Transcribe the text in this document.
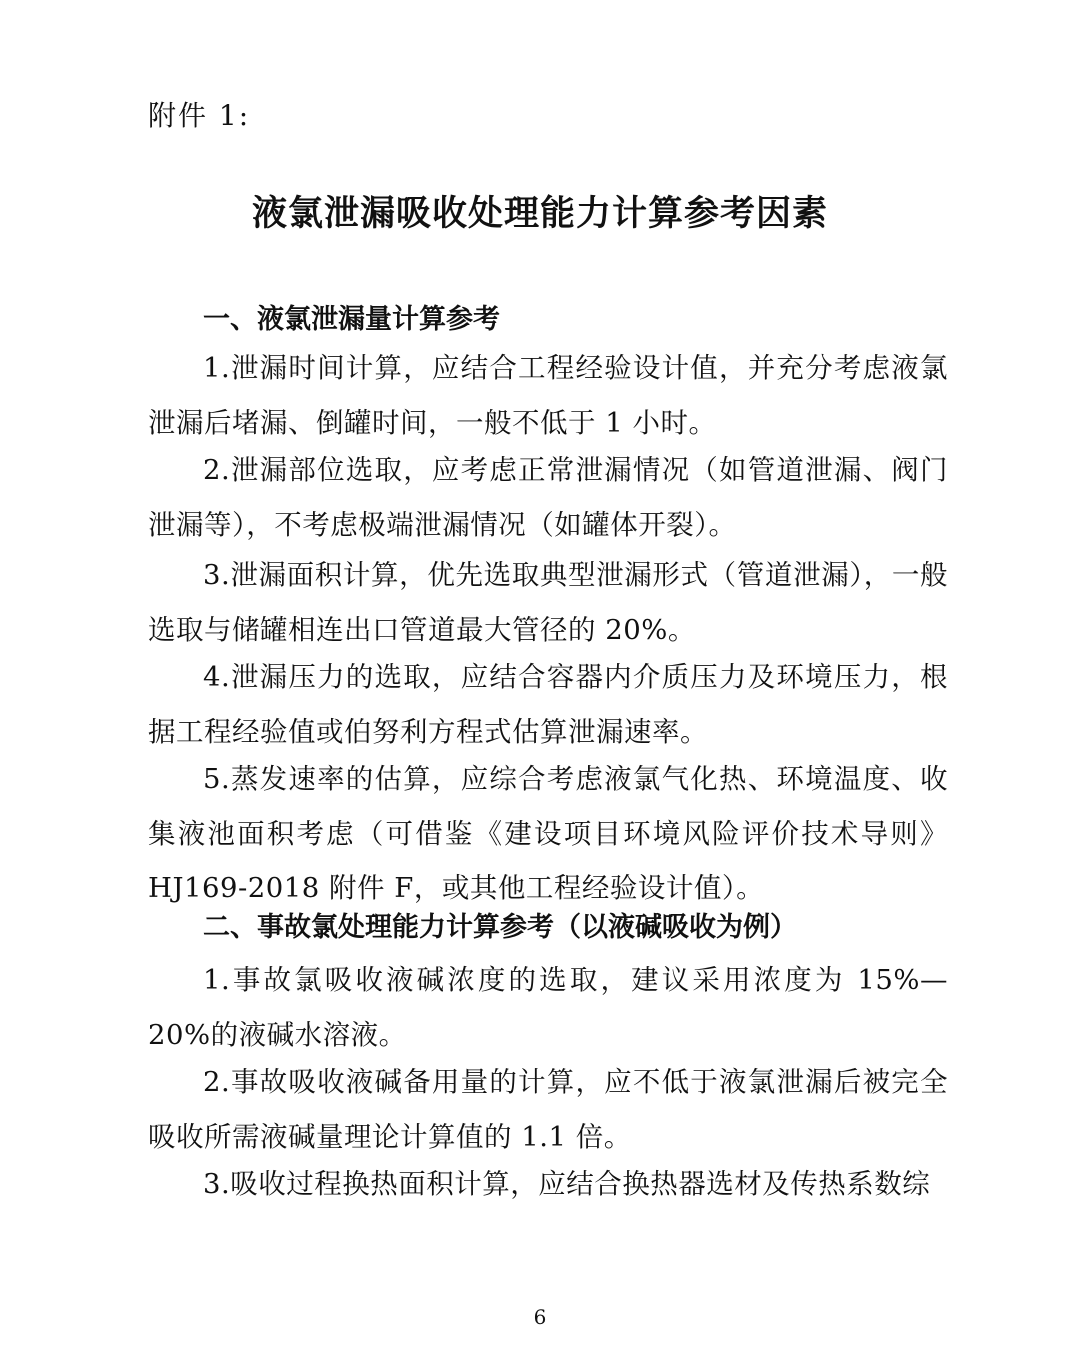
附件 1:
液氯泄漏吸收处理能力计算参考因素
一、液氯泄漏量计算参考

1.泄漏时间计算，应结合工程经验设计值，并充分考虑液氯泄漏后堵漏、倒罐时间，一般不低于 1 小时。

2.泄漏部位选取，应考虑正常泄漏情况（如管道泄漏、阀门泄漏等），不考虑极端泄漏情况（如罐体开裂）。

3.泄漏面积计算，优先选取典型泄漏形式（管道泄漏），一般选取与储罐相连出口管道最大管径的 20%。

4.泄漏压力的选取，应结合容器内介质压力及环境压力，根据工程经验值或伯努利方程式估算泄漏速率。

5.蒸发速率的估算，应综合考虑液氯气化热、环境温度、收集液池面积考虑（可借鉴《建设项目环境风险评价技术导则》HJ169-2018 附件 F，或其他工程经验设计值）。

二、事故氯处理能力计算参考（以液碱吸收为例）

1.事故氯吸收液碱浓度的选取，建议采用浓度为 15%—20%的液碱水溶液。

2.事故吸收液碱备用量的计算，应不低于液氯泄漏后被完全吸收所需液碱量理论计算值的 1.1 倍。

3.吸收过程换热面积计算，应结合换热器选材及传热系数综

6
